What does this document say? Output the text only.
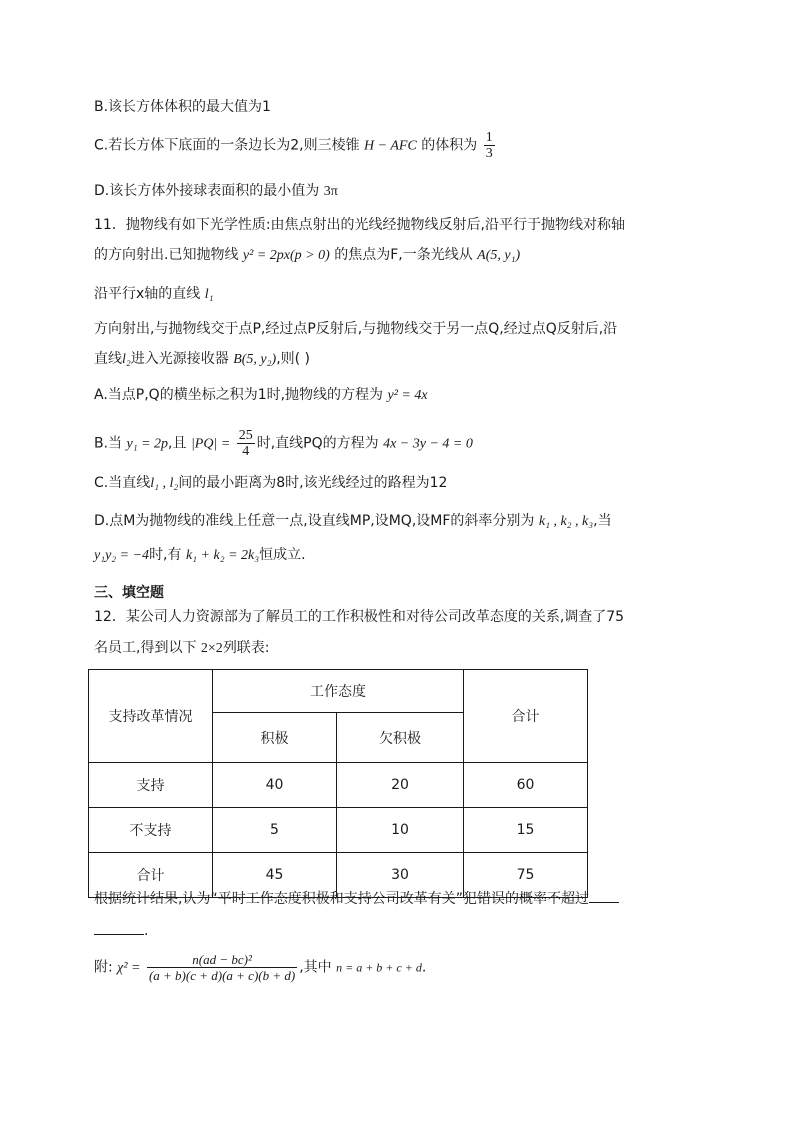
B.该长方体体积的最大值为1
C.若长方体下底面的一条边长为2,则三棱锥 H − AFC 的体积为 $\frac{1}{3}$
D.该长方体外接球表面积的最小值为 3π
11．抛物线有如下光学性质:由焦点射出的光线经抛物线反射后,沿平行于抛物线对称轴
的方向射出.已知抛物线 y² = 2px(p > 0) 的焦点为F,一条光线从 A(5, y₁)
沿平行x轴的直线 l₁
方向射出,与抛物线交于点P,经过点P反射后,与抛物线交于另一点Q,经过点Q反射后,沿
直线l₂进入光源接收器 B(5, y₂),则( )
A.当点P,Q的横坐标之积为1时,抛物线的方程为 y² = 4x
B.当 y₁ = 2p,且 $|PQ| = \frac{25}{4}$ 时,直线PQ的方程为 4x − 3y − 4 = 0
C.当直线l₁ , l₂间的最小距离为8时,该光线经过的路程为12
D.点M为抛物线的准线上任意一点,设直线MP,设MQ,设MF的斜率分别为 k₁ , k₂ , k₃,当
y₁y₂ = −4时,有 k₁ + k₂ = 2k₃恒成立.
三、填空题
12．某公司人力资源部为了解员工的工作积极性和对待公司改革态度的关系,调查了75
名员工,得到以下 2×2列联表:
支持改革情况	工作态度		合计
	积极	欠积极	
支持	40	20	60
不支持	5	10	15
合计	45	30	75
根据统计结果,认为“平时工作态度积极和支持公司改革有关”犯错误的概率不超过
.
附: $\chi^2 = \frac{\text{n(ad − bc)²}}{(a + b)(c + d)(a + c)(b + d)}$ ,其中 n = a + b + c + d.
